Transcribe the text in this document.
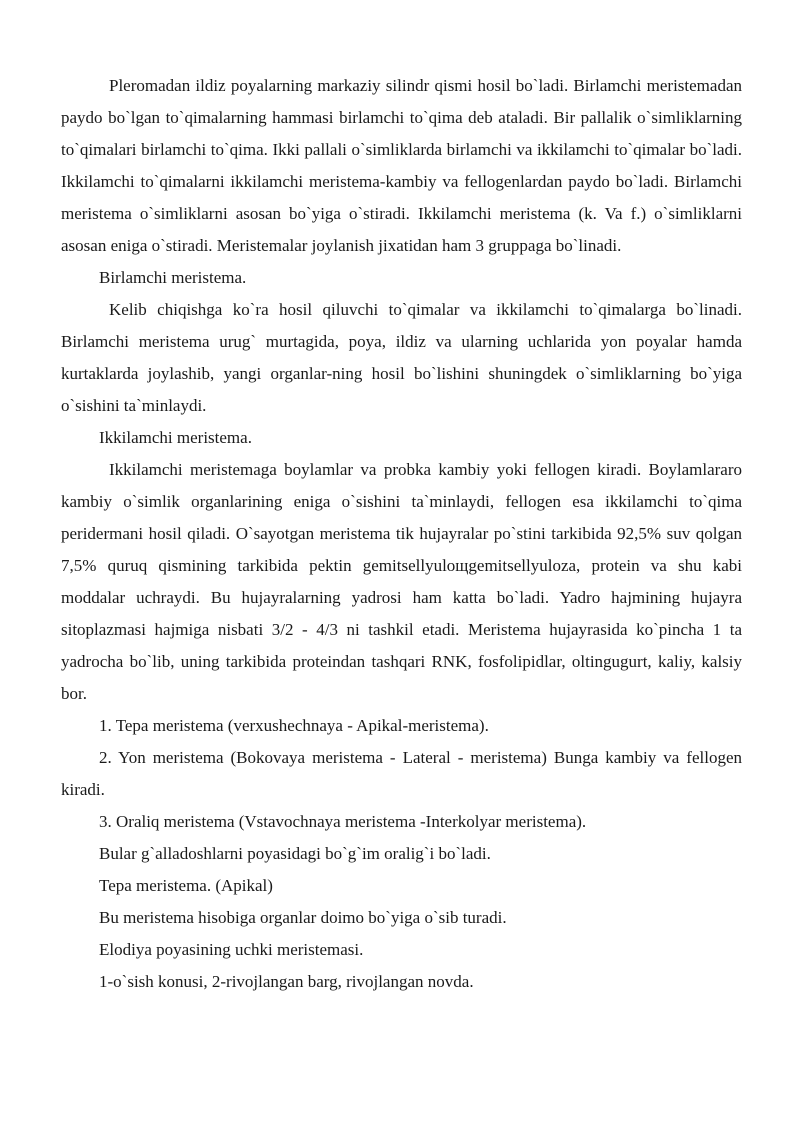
Pleromadan ildiz poyalarning markaziy silindr qismi hosil bo`ladi. Birlamchi meristemadan paydo bo`lgan to`qimalarning hammasi birlamchi to`qima deb ataladi. Bir pallalik o`simliklarning to`qimalari birlamchi to`qima. Ikki pallali o`simliklarda birlamchi va ikkilamchi to`qimalar bo`ladi. Ikkilamchi to`qimalarni ikkilamchi meristema-kambiy va fellogenlardan paydo bo`ladi. Birlamchi meristema o`simliklarni asosan bo`yiga o`stiradi. Ikkilamchi meristema (k. Va f.) o`simliklarni asosan eniga o`stiradi. Meristemalar joylanish jixatidan ham 3 gruppaga bo`linadi.

Birlamchi meristema.

Kelib chiqishga ko`ra hosil qiluvchi to`qimalar va ikkilamchi to`qimalarga bo`linadi. Birlamchi meristema urug` murtagida, poya, ildiz va ularning uchlarida yon poyalar hamda kurtaklarda joylashib, yangi organlar-ning hosil bo`lishini shuningdek o`simliklarning bo`yiga o`sishini ta`minlaydi.

Ikkilamchi meristema.

Ikkilamchi meristemaga boylamlar va probka kambiy yoki fellogen kiradi. Boylamlararo kambiy o`simlik organlarining eniga o`sishini ta`minlaydi, fellogen esa ikkilamchi to`qima peridermani hosil qiladi. O`sayotgan meristema tik hujayralar po`stini tarkibida 92,5% suv qolgan 7,5% quruq qismining tarkibida pektin gemitsellyuloщgemitsellyuloza, protein va shu kabi moddalar uchraydi. Bu hujayralarning yadrosi ham katta bo`ladi. Yadro hajmining hujayra sitoplazmasi hajmiga nisbati 3/2 - 4/3 ni tashkil etadi. Meristema hujayrasida ko`pincha 1 ta yadrocha bo`lib, uning tarkibida proteindan tashqari RNK, fosfolipidlar, oltingugurt, kaliy, kalsiy bor.

1. Tepa meristema (verxushechnaya - Apikal-meristema).

2. Yon meristema (Bokovaya meristema - Lateral - meristema) Bunga kambiy va fellogen kiradi.

3. Oraliq meristema (Vstavochnaya meristema -Interkolyar meristema).

Bular g`alladoshlarni poyasidagi bo`g`im oralig`i bo`ladi.

Tepa meristema. (Apikal)

Bu meristema hisobiga organlar doimo bo`yiga o`sib turadi.

Elodiya poyasining uchki meristemasi.

1-o`sish konusi, 2-rivojlangan barg, rivojlangan novda.
